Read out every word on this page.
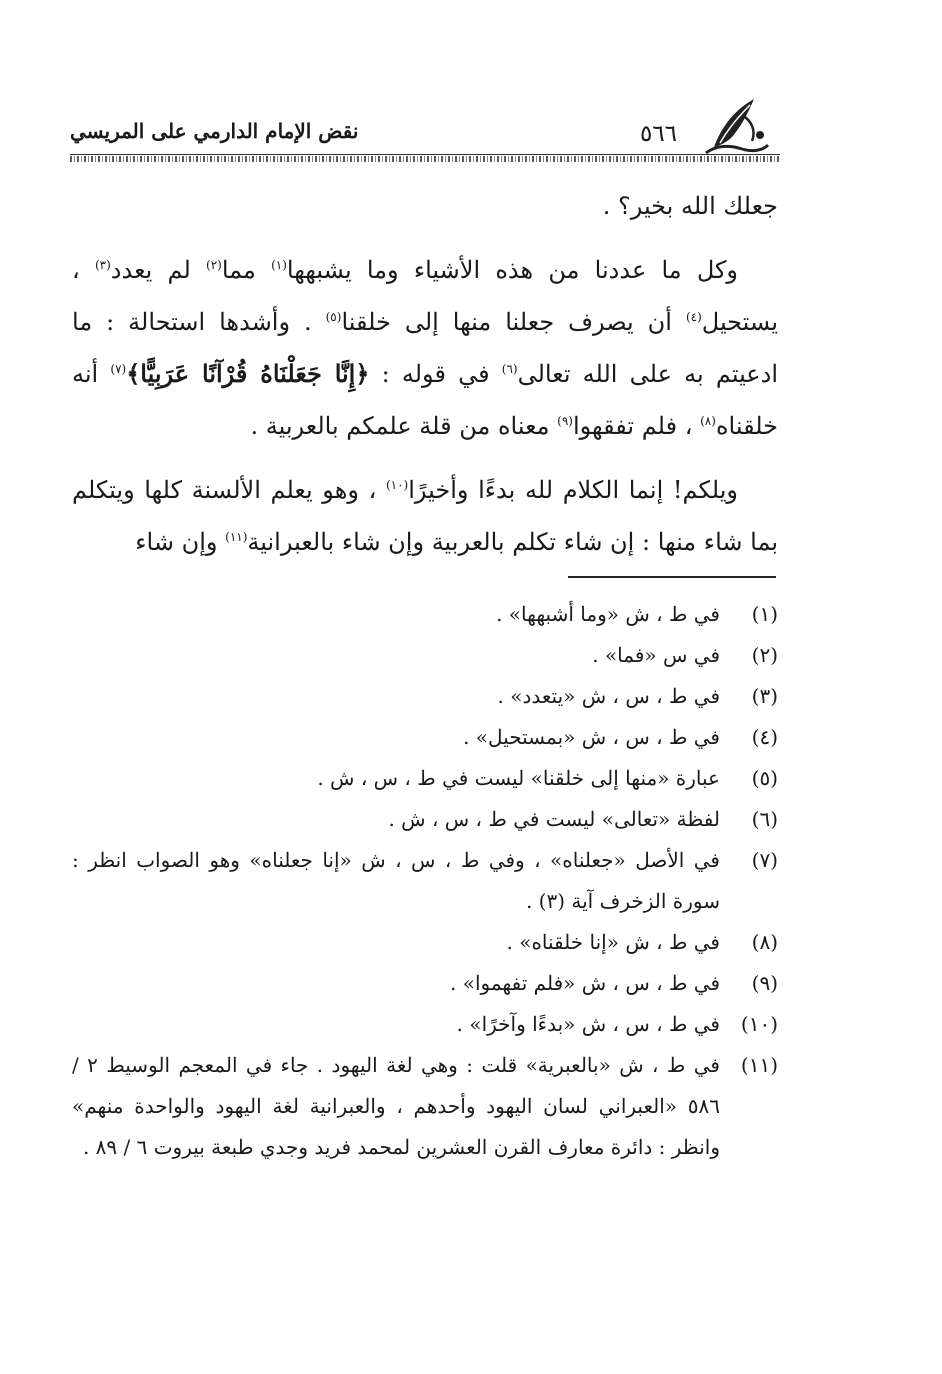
٥٦٦
نقض الإمام الدارمي على المريسي

جعلك الله بخير؟ .

وكل ما عددنا من هذه الأشياء وما يشبهها$^{(١)}$ مما$^{(٢)}$ لم يعدد$^{(٣)}$ ، يستحيل$^{(٤)}$ أن يصرف جعلنا منها إلى خلقنا$^{(٥)}$ . وأشدها استحالة : ما ادعيتم به على الله تعالى$^{(٦)}$ في قوله : ﴿إِنَّا جَعَلْنَاهُ قُرْآنًا عَرَبِيًّا﴾$^{(٧)}$ أنه خلقناه$^{(٨)}$ ، فلم تفقهوا$^{(٩)}$ معناه من قلة علمكم بالعربية .

ويلكم! إنما الكلام لله بدءًا وأخيرًا$^{(١٠)}$ ، وهو يعلم الألسنة كلها ويتكلم بما شاء منها : إن شاء تكلم بالعربية وإن شاء بالعبرانية$^{(١١)}$ وإن شاء

(١)
في ط ، ش «وما أشبهها» .
(٢)
في س «فما» .
(٣)
في ط ، س ، ش «يتعدد» .
(٤)
في ط ، س ، ش «بمستحيل» .
(٥)
عبارة «منها إلى خلقنا» ليست في ط ، س ، ش .
(٦)
لفظة «تعالى» ليست في ط ، س ، ش .
(٧)
في الأصل «جعلناه» ، وفي ط ، س ، ش «إنا جعلناه» وهو الصواب انظر : سورة الزخرف آية (٣) .
(٨)
في ط ، ش «إنا خلقناه» .
(٩)
في ط ، س ، ش «فلم تفهموا» .
(١٠)
في ط ، س ، ش «بدءًا وآخرًا» .
(١١)
في ط ، ش «بالعبرية» قلت : وهي لغة اليهود . جاء في المعجم الوسيط ٢ / ٥٨٦ «العبراني لسان اليهود وأحدهم ، والعبرانية لغة اليهود والواحدة منهم» وانظر : دائرة معارف القرن العشرين لمحمد فريد وجدي طبعة بيروت ٦ / ٨٩ .
